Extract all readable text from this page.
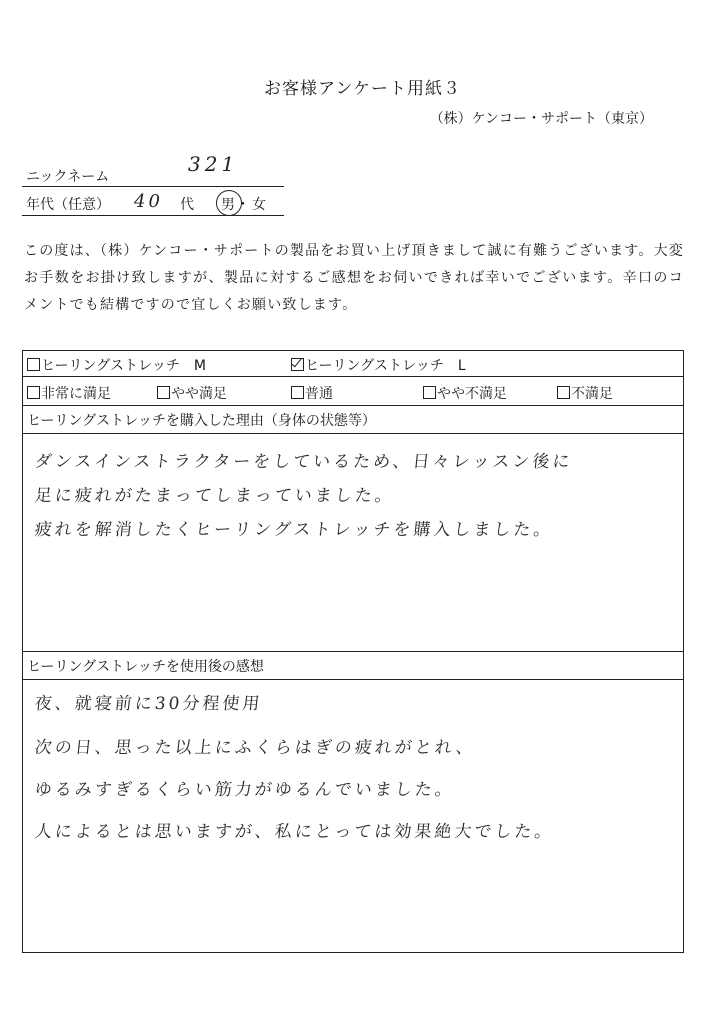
お客様アンケート用紙３
（株）ケンコー・サポート（東京）
ニックネーム
321
年代（任意） 40 代 男 ・ 女
この度は、（株）ケンコー・サポートの製品をお買い上げ頂きまして誠に有難うございます。大変お手数をお掛け致しますが、製品に対するご感想をお伺いできれば幸いでございます。辛口のコメントでも結構ですので宜しくお願い致します。
ヒーリングストレッチ　M	ヒーリングストレッチ　L
非常に満足	やや満足	普通	やや不満足	不満足
ヒーリングストレッチを購入した理由（身体の状態等）
ダンスインストラクターをしているため、日々レッスン後に
足に疲れがたまってしまっていました。
疲れを解消したくヒーリングストレッチを購入しました。
ヒーリングストレッチを使用後の感想
夜、就寝前に30分程使用
次の日、思った以上にふくらはぎの疲れがとれ、
ゆるみすぎるくらい筋力がゆるんでいました。
人によるとは思いますが、私にとっては効果絶大でした。
